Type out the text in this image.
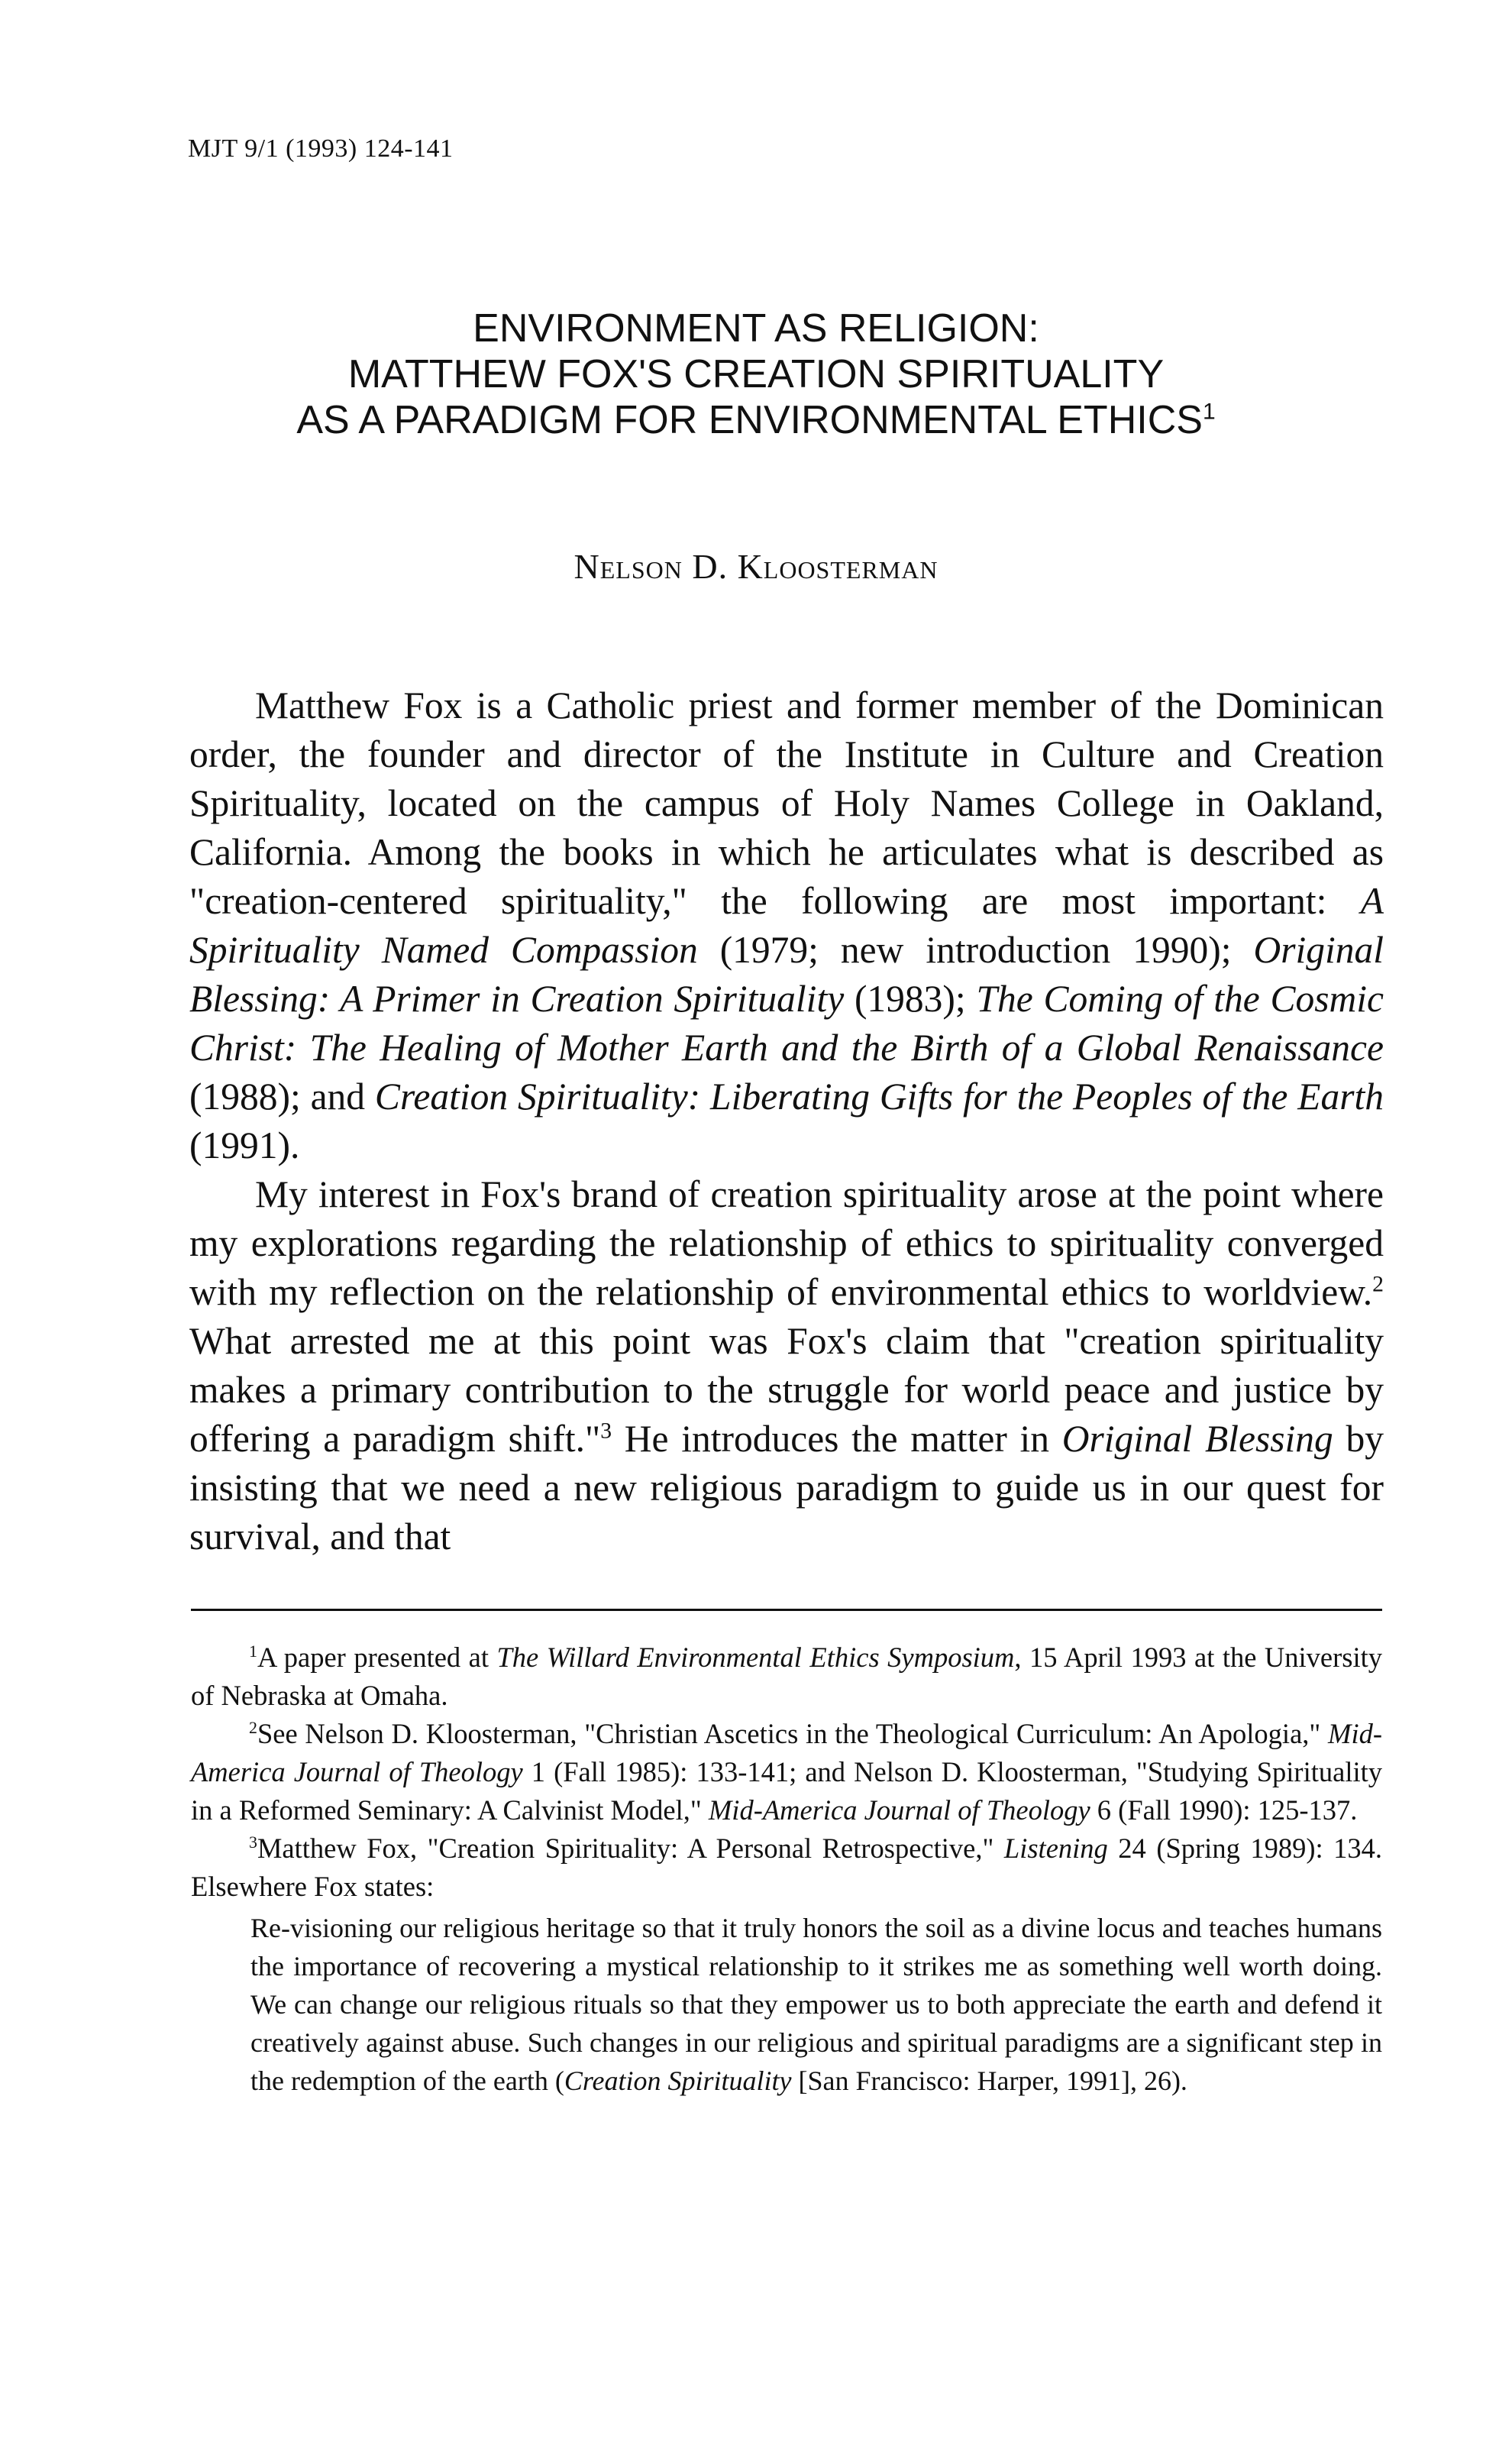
MJT 9/1 (1993) 124-141
ENVIRONMENT AS RELIGION:
MATTHEW FOX'S CREATION SPIRITUALITY
AS A PARADIGM FOR ENVIRONMENTAL ETHICS$^1$
Nelson D. Kloosterman

Matthew Fox is a Catholic priest and former member of the Dominican order, the founder and director of the Institute in Culture and Creation Spirituality, located on the campus of Holy Names College in Oakland, California. Among the books in which he articulates what is described as "creation-centered spirituality," the following are most important: A Spirituality Named Compassion (1979; new introduction 1990); Original Blessing: A Primer in Creation Spirituality (1983); The Coming of the Cosmic Christ: The Healing of Mother Earth and the Birth of a Global Renaissance (1988); and Creation Spirituality: Liberating Gifts for the Peoples of the Earth (1991).

My interest in Fox's brand of creation spirituality arose at the point where my explorations regarding the relationship of ethics to spirituality converged with my reflection on the relationship of environmental ethics to worldview.$^2$ What arrested me at this point was Fox's claim that "creation spirituality makes a primary contribution to the struggle for world peace and justice by offering a paradigm shift."$^3$ He introduces the matter in Original Blessing by insisting that we need a new religious paradigm to guide us in our quest for survival, and that

$^1$A paper presented at The Willard Environmental Ethics Symposium, 15 April 1993 at the University of Nebraska at Omaha.

$^2$See Nelson D. Kloosterman, "Christian Ascetics in the Theological Curriculum: An Apologia," Mid-America Journal of Theology 1 (Fall 1985): 133-141; and Nelson D. Kloosterman, "Studying Spirituality in a Reformed Seminary: A Calvinist Model," Mid-America Journal of Theology 6 (Fall 1990): 125-137.

$^3$Matthew Fox, "Creation Spirituality: A Personal Retrospective," Listening 24 (Spring 1989): 134. Elsewhere Fox states:

Re-visioning our religious heritage so that it truly honors the soil as a divine locus and teaches humans the importance of recovering a mystical relationship to it strikes me as something well worth doing. We can change our religious rituals so that they empower us to both appreciate the earth and defend it creatively against abuse. Such changes in our religious and spiritual paradigms are a significant step in the redemption of the earth (Creation Spirituality [San Francisco: Harper, 1991], 26).
